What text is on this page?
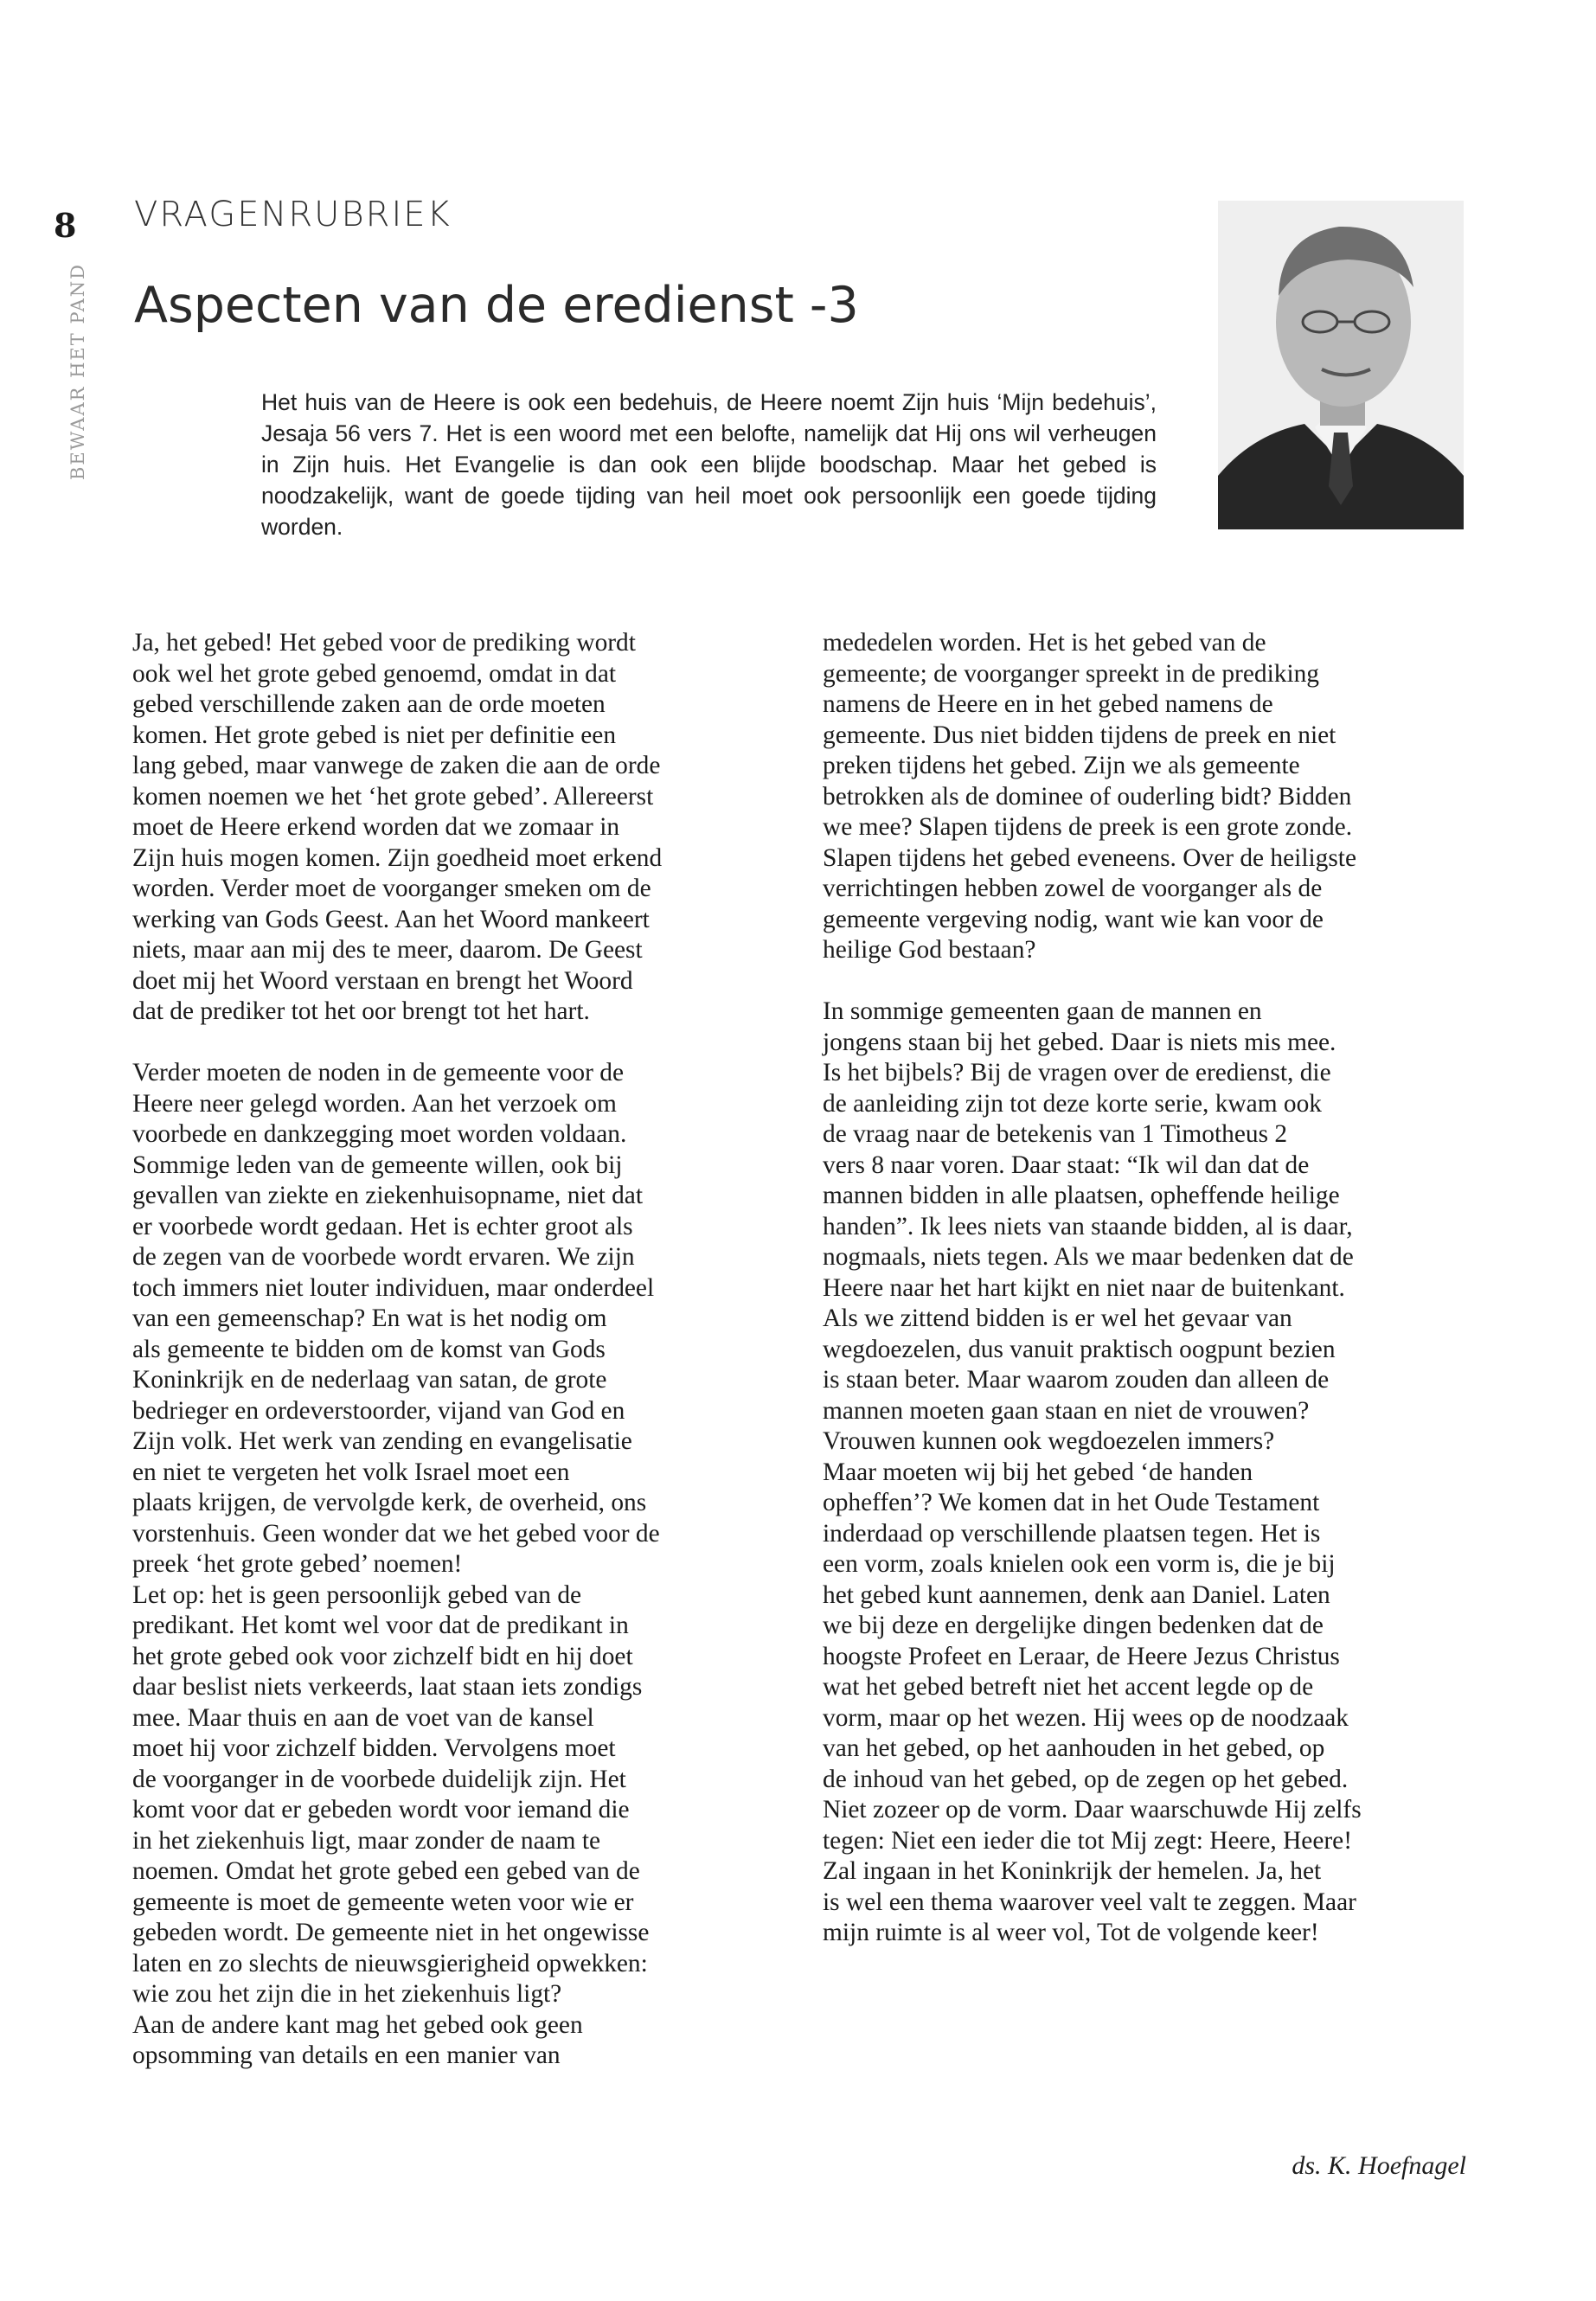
8
BEWAAR HET PAND
VRAGENRUBRIEK
Aspecten van de eredienst -3

Het huis van de Heere is ook een bedehuis, de Heere noemt Zijn huis ‘Mijn bedehuis’, Jesaja 56 vers 7. Het is een woord met een belofte, namelijk dat Hij ons wil verheugen in Zijn huis. Het Evangelie is dan ook een blijde boodschap. Maar het gebed is noodzakelijk, want de goede tijding van heil moet ook persoonlijk een goede tijding worden.

Ja, het gebed! Het gebed voor de prediking wordt
ook wel het grote gebed genoemd, omdat in dat
gebed verschillende zaken aan de orde moeten
komen. Het grote gebed is niet per definitie een
lang gebed, maar vanwege de zaken die aan de orde
komen noemen we het ‘het grote gebed’. Allereerst
moet de Heere erkend worden dat we zomaar in
Zijn huis mogen komen. Zijn goedheid moet erkend
worden. Verder moet de voorganger smeken om de
werking van Gods Geest. Aan het Woord mankeert
niets, maar aan mij des te meer, daarom. De Geest
doet mij het Woord verstaan en brengt het Woord
dat de prediker tot het oor brengt tot het hart.
Verder moeten de noden in de gemeente voor de
Heere neer gelegd worden. Aan het verzoek om
voorbede en dankzegging moet worden voldaan.
Sommige leden van de gemeente willen, ook bij
gevallen van ziekte en ziekenhuisopname, niet dat
er voorbede wordt gedaan. Het is echter groot als
de zegen van de voorbede wordt ervaren. We zijn
toch immers niet louter individuen, maar onderdeel
van een gemeenschap? En wat is het nodig om
als gemeente te bidden om de komst van Gods
Koninkrijk en de nederlaag van satan, de grote
bedrieger en ordeverstoorder, vijand van God en
Zijn volk. Het werk van zending en evangelisatie
en niet te vergeten het volk Israel moet een
plaats krijgen, de vervolgde kerk, de overheid, ons
vorstenhuis. Geen wonder dat we het gebed voor de
preek ‘het grote gebed’ noemen!
Let op: het is geen persoonlijk gebed van de
predikant. Het komt wel voor dat de predikant in
het grote gebed ook voor zichzelf bidt en hij doet
daar beslist niets verkeerds, laat staan iets zondigs
mee. Maar thuis en aan de voet van de kansel
moet hij voor zichzelf bidden. Vervolgens moet
de voorganger in de voorbede duidelijk zijn. Het
komt voor dat er gebeden wordt voor iemand die
in het ziekenhuis ligt, maar zonder de naam te
noemen. Omdat het grote gebed een gebed van de
gemeente is moet de gemeente weten voor wie er
gebeden wordt. De gemeente niet in het ongewisse
laten en zo slechts de nieuwsgierigheid opwekken:
wie zou het zijn die in het ziekenhuis ligt?
Aan de andere kant mag het gebed ook geen
opsomming van details en een manier van
mededelen worden. Het is het gebed van de
gemeente; de voorganger spreekt in de prediking
namens de Heere en in het gebed namens de
gemeente. Dus niet bidden tijdens de preek en niet
preken tijdens het gebed. Zijn we als gemeente
betrokken als de dominee of ouderling bidt? Bidden
we mee? Slapen tijdens de preek is een grote zonde.
Slapen tijdens het gebed eveneens. Over de heiligste
verrichtingen hebben zowel de voorganger als de
gemeente vergeving nodig, want wie kan voor de
heilige God bestaan?
In sommige gemeenten gaan de mannen en
jongens staan bij het gebed. Daar is niets mis mee.
Is het bijbels? Bij de vragen over de eredienst, die
de aanleiding zijn tot deze korte serie, kwam ook
de vraag naar de betekenis van 1 Timotheus 2
vers 8 naar voren. Daar staat: “Ik wil dan dat de
mannen bidden in alle plaatsen, opheffende heilige
handen”. Ik lees niets van staande bidden, al is daar,
nogmaals, niets tegen. Als we maar bedenken dat de
Heere naar het hart kijkt en niet naar de buitenkant.
Als we zittend bidden is er wel het gevaar van
wegdoezelen, dus vanuit praktisch oogpunt bezien
is staan beter. Maar waarom zouden dan alleen de
mannen moeten gaan staan en niet de vrouwen?
Vrouwen kunnen ook wegdoezelen immers?
Maar moeten wij bij het gebed ‘de handen
opheffen’? We komen dat in het Oude Testament
inderdaad op verschillende plaatsen tegen. Het is
een vorm, zoals knielen ook een vorm is, die je bij
het gebed kunt aannemen, denk aan Daniel. Laten
we bij deze en dergelijke dingen bedenken dat de
hoogste Profeet en Leraar, de Heere Jezus Christus
wat het gebed betreft niet het accent legde op de
vorm, maar op het wezen. Hij wees op de noodzaak
van het gebed, op het aanhouden in het gebed, op
de inhoud van het gebed, op de zegen op het gebed.
Niet zozeer op de vorm. Daar waarschuwde Hij zelfs
tegen: Niet een ieder die tot Mij zegt: Heere, Heere!
Zal ingaan in het Koninkrijk der hemelen. Ja, het
is wel een thema waarover veel valt te zeggen. Maar
mijn ruimte is al weer vol, Tot de volgende keer!
ds. K. Hoefnagel
